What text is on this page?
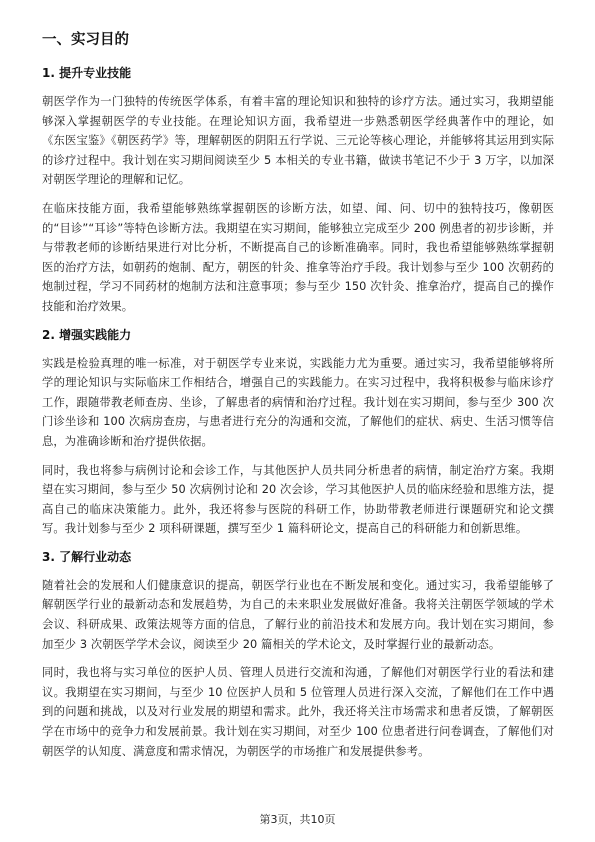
一、实习目的
1. 提升专业技能

朝医学作为一门独特的传统医学体系，有着丰富的理论知识和独特的诊疗方法。通过实习，我期望能够深入掌握朝医学的专业技能。在理论知识方面，我希望进一步熟悉朝医学经典著作中的理论，如《东医宝鉴》《朝医药学》等，理解朝医的阴阳五行学说、三元论等核心理论，并能够将其运用到实际的诊疗过程中。我计划在实习期间阅读至少 5 本相关的专业书籍，做读书笔记不少于 3 万字，以加深对朝医学理论的理解和记忆。

在临床技能方面，我希望能够熟练掌握朝医的诊断方法，如望、闻、问、切中的独特技巧，像朝医的“目诊”“耳诊”等特色诊断方法。我期望在实习期间，能够独立完成至少 200 例患者的初步诊断，并与带教老师的诊断结果进行对比分析，不断提高自己的诊断准确率。同时，我也希望能够熟练掌握朝医的治疗方法，如朝药的炮制、配方，朝医的针灸、推拿等治疗手段。我计划参与至少 100 次朝药的炮制过程，学习不同药材的炮制方法和注意事项；参与至少 150 次针灸、推拿治疗，提高自己的操作技能和治疗效果。

2. 增强实践能力

实践是检验真理的唯一标准，对于朝医学专业来说，实践能力尤为重要。通过实习，我希望能够将所学的理论知识与实际临床工作相结合，增强自己的实践能力。在实习过程中，我将积极参与临床诊疗工作，跟随带教老师查房、坐诊，了解患者的病情和治疗过程。我计划在实习期间，参与至少 300 次门诊坐诊和 100 次病房查房，与患者进行充分的沟通和交流，了解他们的症状、病史、生活习惯等信息，为准确诊断和治疗提供依据。

同时，我也将参与病例讨论和会诊工作，与其他医护人员共同分析患者的病情，制定治疗方案。我期望在实习期间，参与至少 50 次病例讨论和 20 次会诊，学习其他医护人员的临床经验和思维方法，提高自己的临床决策能力。此外，我还将参与医院的科研工作，协助带教老师进行课题研究和论文撰写。我计划参与至少 2 项科研课题，撰写至少 1 篇科研论文，提高自己的科研能力和创新思维。

3. 了解行业动态

随着社会的发展和人们健康意识的提高，朝医学行业也在不断发展和变化。通过实习，我希望能够了解朝医学行业的最新动态和发展趋势，为自己的未来职业发展做好准备。我将关注朝医学领域的学术会议、科研成果、政策法规等方面的信息，了解行业的前沿技术和发展方向。我计划在实习期间，参加至少 3 次朝医学学术会议，阅读至少 20 篇相关的学术论文，及时掌握行业的最新动态。

同时，我也将与实习单位的医护人员、管理人员进行交流和沟通，了解他们对朝医学行业的看法和建议。我期望在实习期间，与至少 10 位医护人员和 5 位管理人员进行深入交流，了解他们在工作中遇到的问题和挑战，以及对行业发展的期望和需求。此外，我还将关注市场需求和患者反馈，了解朝医学在市场中的竞争力和发展前景。我计划在实习期间，对至少 100 位患者进行问卷调查，了解他们对朝医学的认知度、满意度和需求情况，为朝医学的市场推广和发展提供参考。

第3页，共10页
